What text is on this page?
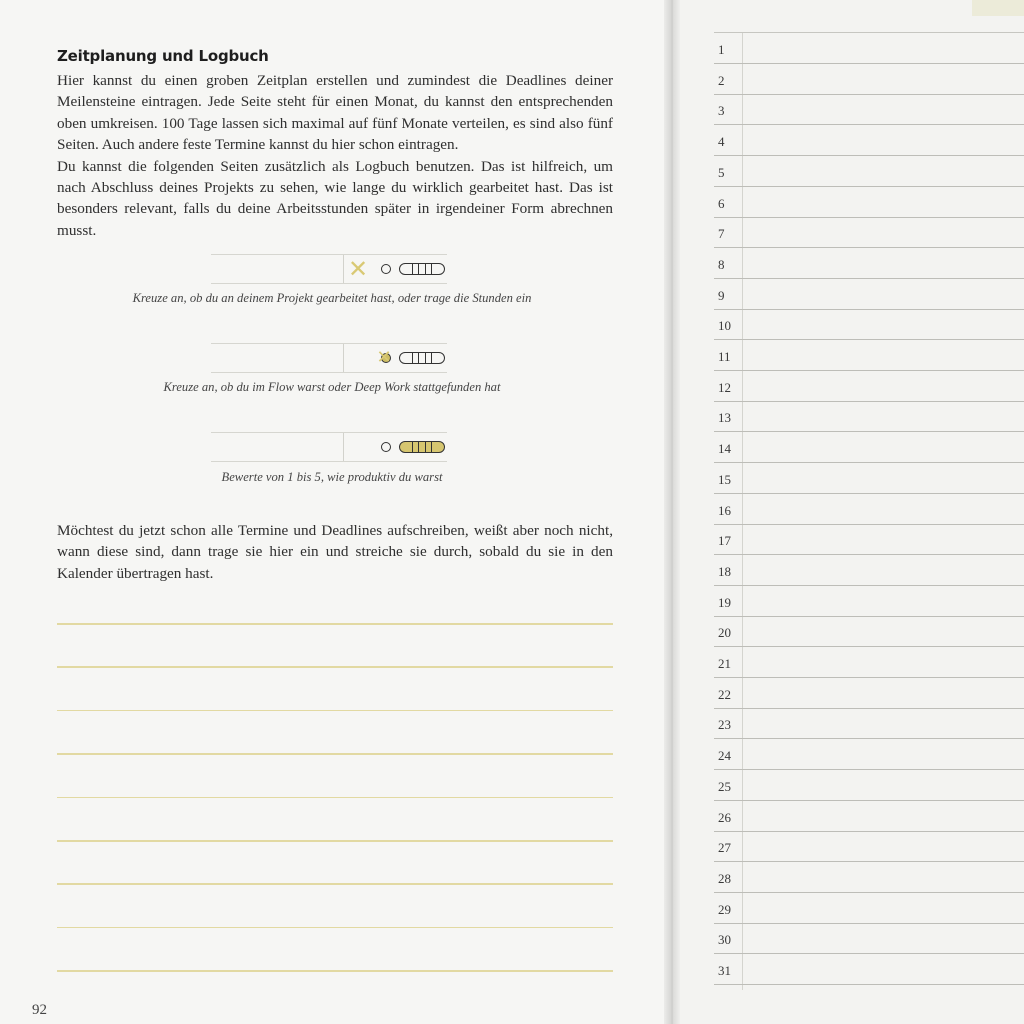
Zeitplanung und Logbuch

Hier kannst du einen groben Zeitplan erstellen und zumindest die Deadlines deiner Meilensteine eintragen. Jede Seite steht für einen Monat, du kannst den entsprechenden oben umkreisen. 100 Tage lassen sich maximal auf fünf Monate verteilen, es sind also fünf Seiten. Auch andere feste Termine kannst du hier schon eintragen.

Du kannst die folgenden Seiten zusätzlich als Logbuch benutzen. Das ist hilfreich, um nach Abschluss deines Projekts zu sehen, wie lange du wirklich gearbeitet hast. Das ist besonders relevant, falls du deine Arbeitsstunden später in irgendeiner Form abrechnen musst.

✕
Kreuze an, ob du an deinem Projekt gearbeitet hast, oder trage die Stunden ein
✕
Kreuze an, ob du im Flow warst oder Deep Work stattgefunden hat
Bewerte von 1 bis 5, wie produktiv du warst
Möchtest du jetzt schon alle Termine und Deadlines aufschreiben, weißt aber noch nicht, wann diese sind, dann trage sie hier ein und streiche sie durch, sobald du sie in den Kalender übertragen hast.
92
1
2
3
4
5
6
7
8
9
10
11
12
13
14
15
16
17
18
19
20
21
22
23
24
25
26
27
28
29
30
31
